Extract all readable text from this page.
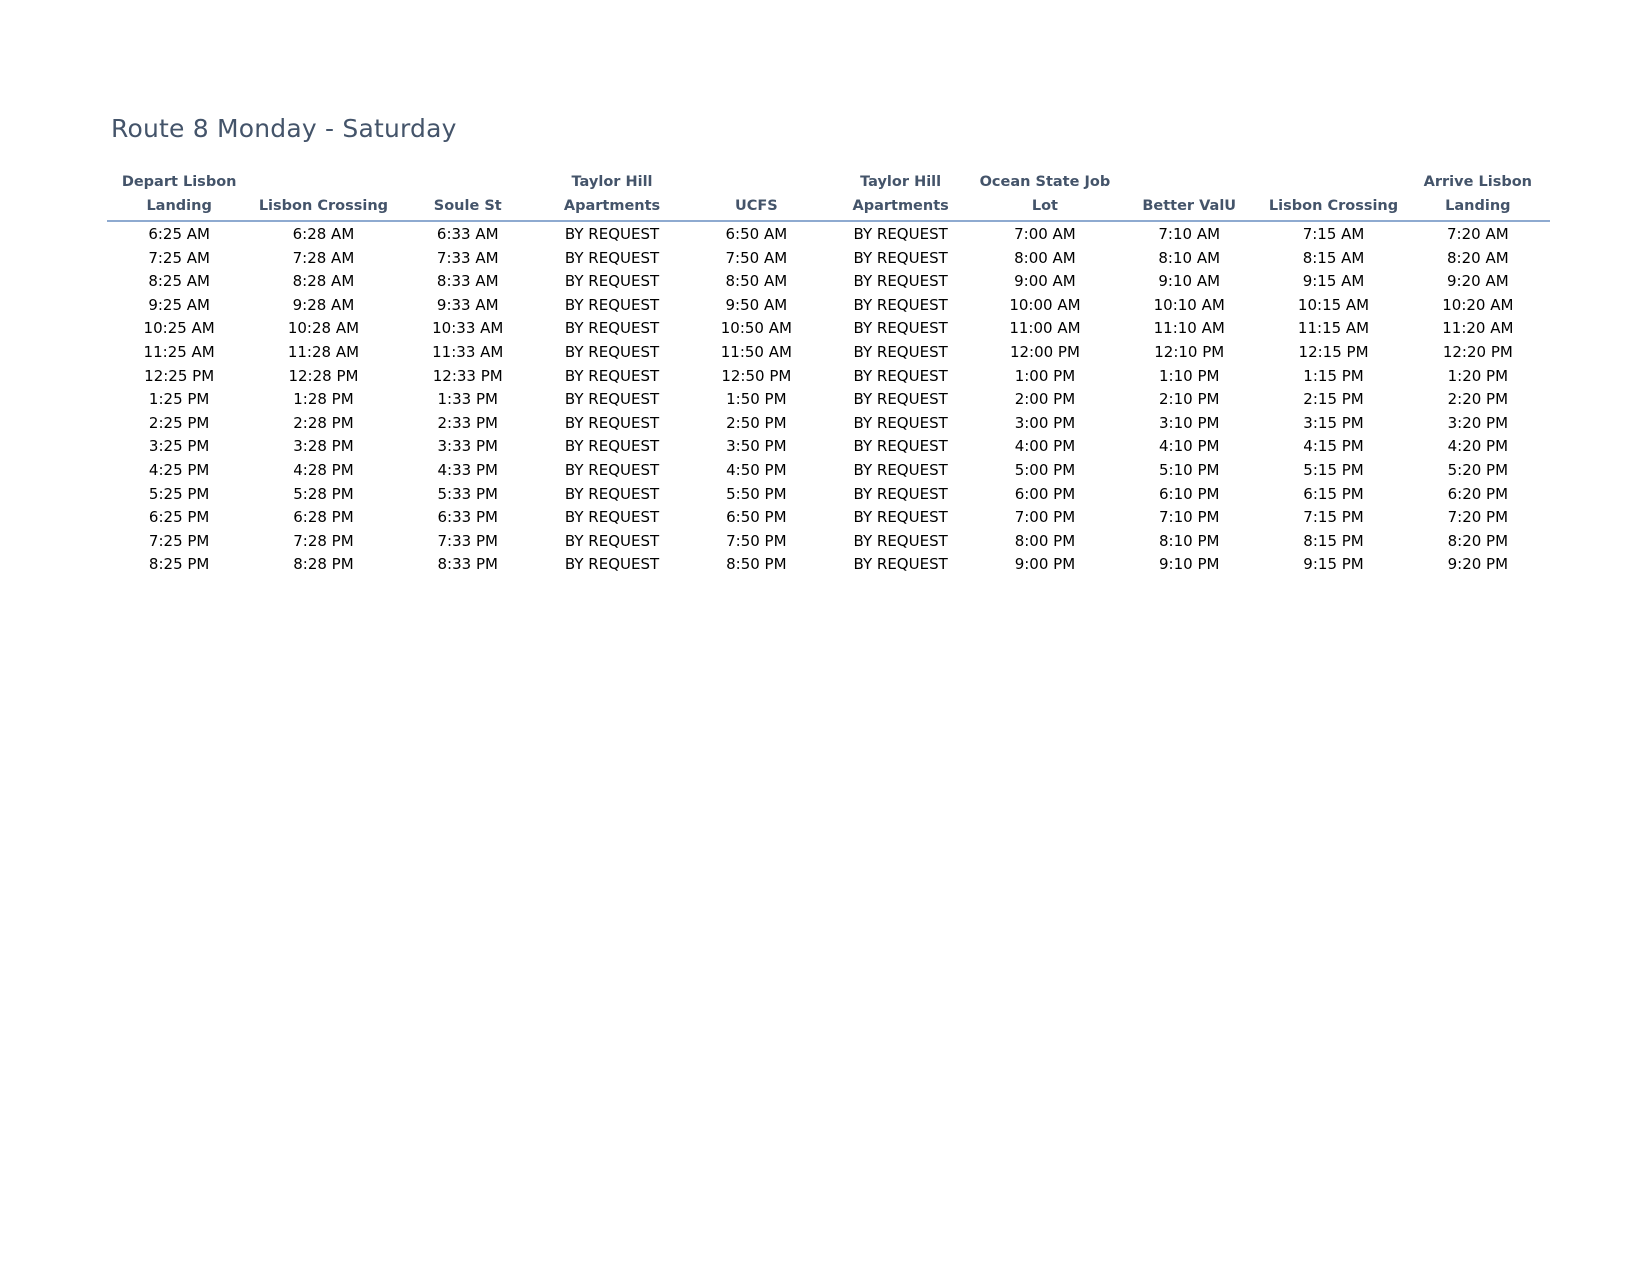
Route 8 Monday - Saturday
Depart Lisbon Landing	Lisbon Crossing	Soule St	Taylor Hill Apartments	UCFS	Taylor Hill Apartments	Ocean State Job Lot	Better ValU	Lisbon Crossing	Arrive Lisbon Landing
6:25 AM	6:28 AM	6:33 AM	BY REQUEST	6:50 AM	BY REQUEST	7:00 AM	7:10 AM	7:15 AM	7:20 AM
7:25 AM	7:28 AM	7:33 AM	BY REQUEST	7:50 AM	BY REQUEST	8:00 AM	8:10 AM	8:15 AM	8:20 AM
8:25 AM	8:28 AM	8:33 AM	BY REQUEST	8:50 AM	BY REQUEST	9:00 AM	9:10 AM	9:15 AM	9:20 AM
9:25 AM	9:28 AM	9:33 AM	BY REQUEST	9:50 AM	BY REQUEST	10:00 AM	10:10 AM	10:15 AM	10:20 AM
10:25 AM	10:28 AM	10:33 AM	BY REQUEST	10:50 AM	BY REQUEST	11:00 AM	11:10 AM	11:15 AM	11:20 AM
11:25 AM	11:28 AM	11:33 AM	BY REQUEST	11:50 AM	BY REQUEST	12:00 PM	12:10 PM	12:15 PM	12:20 PM
12:25 PM	12:28 PM	12:33 PM	BY REQUEST	12:50 PM	BY REQUEST	1:00 PM	1:10 PM	1:15 PM	1:20 PM
1:25 PM	1:28 PM	1:33 PM	BY REQUEST	1:50 PM	BY REQUEST	2:00 PM	2:10 PM	2:15 PM	2:20 PM
2:25 PM	2:28 PM	2:33 PM	BY REQUEST	2:50 PM	BY REQUEST	3:00 PM	3:10 PM	3:15 PM	3:20 PM
3:25 PM	3:28 PM	3:33 PM	BY REQUEST	3:50 PM	BY REQUEST	4:00 PM	4:10 PM	4:15 PM	4:20 PM
4:25 PM	4:28 PM	4:33 PM	BY REQUEST	4:50 PM	BY REQUEST	5:00 PM	5:10 PM	5:15 PM	5:20 PM
5:25 PM	5:28 PM	5:33 PM	BY REQUEST	5:50 PM	BY REQUEST	6:00 PM	6:10 PM	6:15 PM	6:20 PM
6:25 PM	6:28 PM	6:33 PM	BY REQUEST	6:50 PM	BY REQUEST	7:00 PM	7:10 PM	7:15 PM	7:20 PM
7:25 PM	7:28 PM	7:33 PM	BY REQUEST	7:50 PM	BY REQUEST	8:00 PM	8:10 PM	8:15 PM	8:20 PM
8:25 PM	8:28 PM	8:33 PM	BY REQUEST	8:50 PM	BY REQUEST	9:00 PM	9:10 PM	9:15 PM	9:20 PM
